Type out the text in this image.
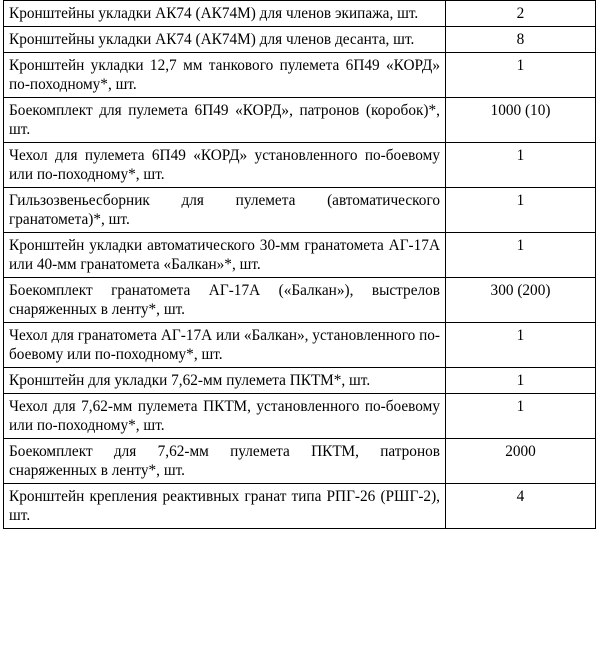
Кронштейны укладки АК74 (АК74М) для членов экипажа, шт.	2
Кронштейны укладки АК74 (АК74М) для членов десанта, шт.	8
Кронштейн укладки 12,7 мм танкового пулемета 6П49 «КОРД» по-походному*, шт.	1
Боекомплект для пулемета 6П49 «КОРД», патронов (коробок)*, шт.	1000 (10)
Чехол для пулемета 6П49 «КОРД» установленного по-боевому или по-походному*, шт.	1
Гильзозвеньесборник для пулемета (автоматического гранатомета)*, шт.	1
Кронштейн укладки автоматического 30-мм гранатомета АГ-17А или 40-мм гранатомета «Балкан»*, шт.	1
Боекомплект гранатомета АГ-17А («Балкан»), выстрелов снаряженных в ленту*, шт.	300 (200)
Чехол для гранатомета АГ-17А или «Балкан», установленного по-боевому или по-походному*, шт.	1
Кронштейн для укладки 7,62-мм пулемета ПКТМ*, шт.	1
Чехол для 7,62-мм пулемета ПКТМ, установленного по-боевому или по-походному*, шт.	1
Боекомплект для 7,62-мм пулемета ПКТМ, патронов снаряженных в ленту*, шт.	2000
Кронштейн крепления реактивных гранат типа РПГ-26 (РШГ-2), шт.	4
